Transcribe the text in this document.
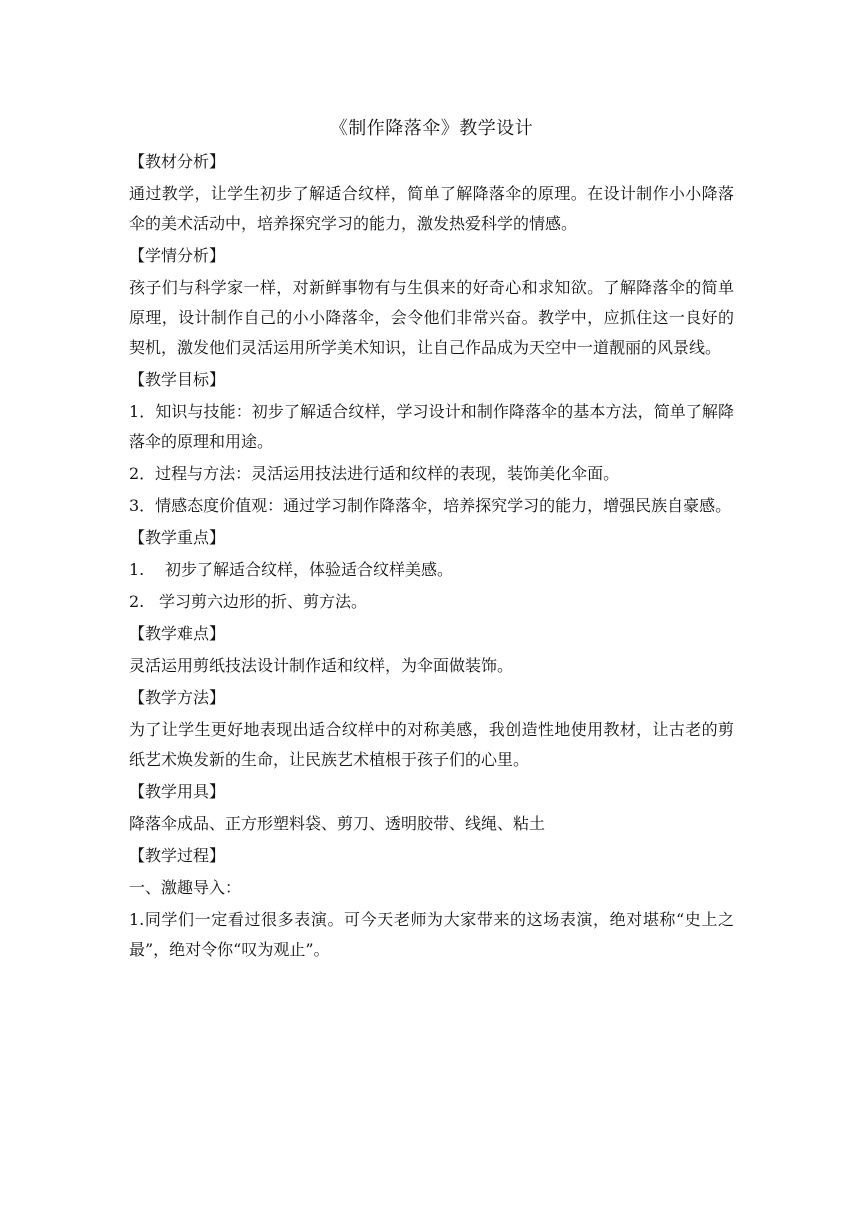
《制作降落伞》教学设计
【教材分析】
通过教学，让学生初步了解适合纹样，简单了解降落伞的原理。在设计制作小小降落伞的美术活动中，培养探究学习的能力，激发热爱科学的情感。
【学情分析】
孩子们与科学家一样，对新鲜事物有与生俱来的好奇心和求知欲。了解降落伞的简单原理，设计制作自己的小小降落伞，会令他们非常兴奋。教学中，应抓住这一良好的契机，激发他们灵活运用所学美术知识，让自己作品成为天空中一道靓丽的风景线。
【教学目标】
1．知识与技能：初步了解适合纹样，学习设计和制作降落伞的基本方法，简单了解降落伞的原理和用途。
2．过程与方法：灵活运用技法进行适和纹样的表现，装饰美化伞面。
3．情感态度价值观：通过学习制作降落伞，培养探究学习的能力，增强民族自豪感。
【教学重点】
1. 初步了解适合纹样，体验适合纹样美感。
2. 学习剪六边形的折、剪方法。
【教学难点】
灵活运用剪纸技法设计制作适和纹样，为伞面做装饰。
【教学方法】
为了让学生更好地表现出适合纹样中的对称美感，我创造性地使用教材，让古老的剪纸艺术焕发新的生命，让民族艺术植根于孩子们的心里。
【教学用具】
降落伞成品、正方形塑料袋、剪刀、透明胶带、线绳、粘土
【教学过程】
一、激趣导入：
1.同学们一定看过很多表演。可今天老师为大家带来的这场表演，绝对堪称“史上之最”，绝对令你“叹为观止”。
